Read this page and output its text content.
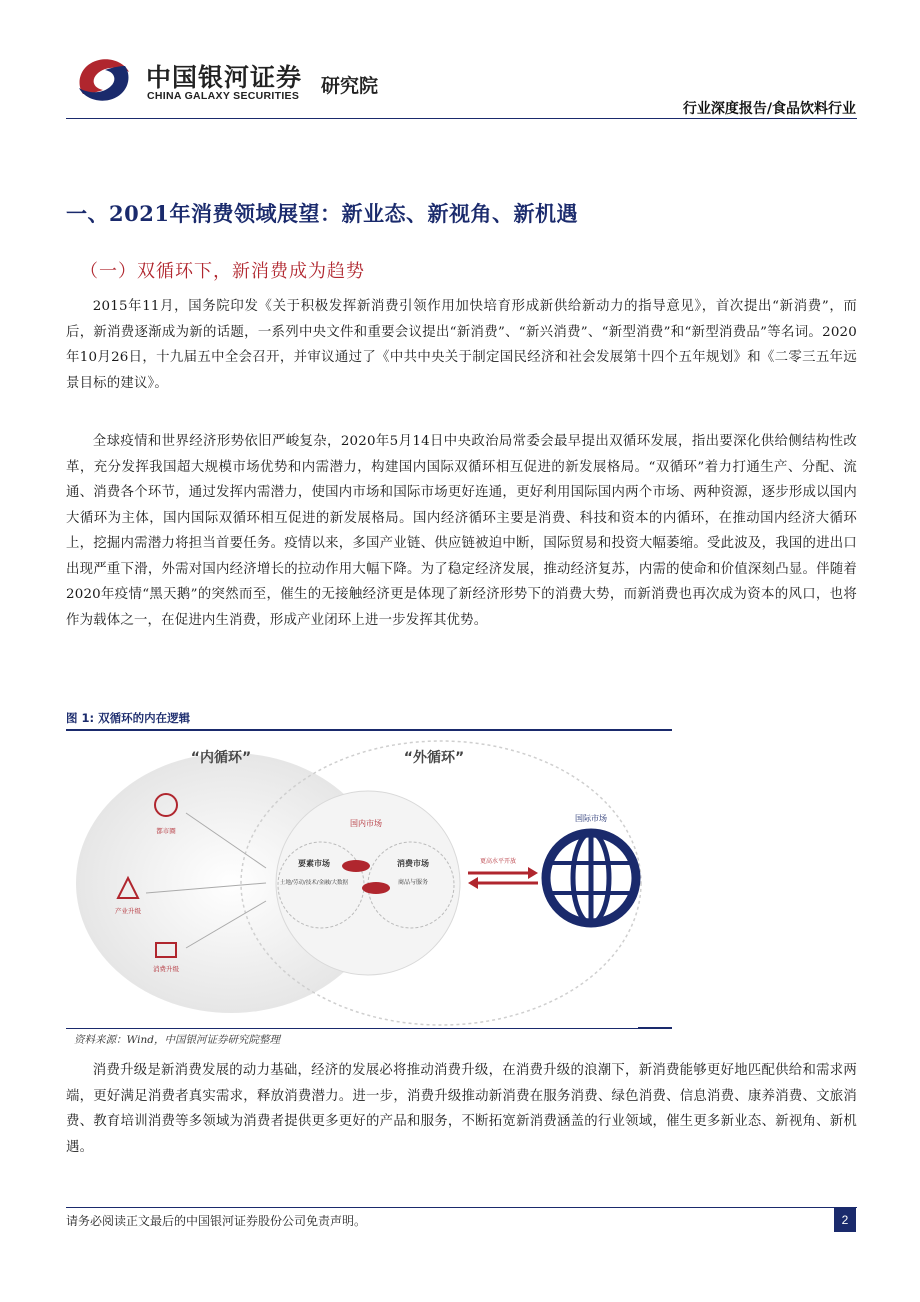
中国银河证券
CHINA GALAXY SECURITIES 研究院
行业深度报告/食品饮料行业
一、2021年消费领域展望：新业态、新视角、新机遇
（一）双循环下，新消费成为趋势
2015年11月，国务院印发《关于积极发挥新消费引领作用加快培育形成新供给新动力的指导意见》，首次提出“新消费”，而后，新消费逐渐成为新的话题，一系列中央文件和重要会议提出“新消费”、“新兴消费”、“新型消费”和“新型消费品”等名词。2020年10月26日，十九届五中全会召开，并审议通过了《中共中央关于制定国民经济和社会发展第十四个五年规划》和《二零三五年远景目标的建议》。
全球疫情和世界经济形势依旧严峻复杂，2020年5月14日中央政治局常委会最早提出双循环发展，指出要深化供给侧结构性改革，充分发挥我国超大规模市场优势和内需潜力，构建国内国际双循环相互促进的新发展格局。“双循环”着力打通生产、分配、流通、消费各个环节，通过发挥内需潜力，使国内市场和国际市场更好连通，更好利用国际国内两个市场、两种资源，逐步形成以国内大循环为主体，国内国际双循环相互促进的新发展格局。国内经济循环主要是消费、科技和资本的内循环，在推动国内经济大循环上，挖掘内需潜力将担当首要任务。疫情以来，多国产业链、供应链被迫中断，国际贸易和投资大幅萎缩。受此波及，我国的进出口出现严重下滑，外需对国内经济增长的拉动作用大幅下降。为了稳定经济发展，推动经济复苏，内需的使命和价值深刻凸显。伴随着2020年疫情“黑天鹅”的突然而至，催生的无接触经济更是体现了新经济形势下的消费大势，而新消费也再次成为资本的风口，也将作为载体之一，在促进内生消费，形成产业闭环上进一步发挥其优势。
图 1: 双循环的内在逻辑
“内循环”	“外循环”
国内市场
要素市场
土地/劳动/技术/金融/大数据
消费市场
商品与服务
都市圈
产业升级
消费升级
更高水平开放
国际市场
资料来源：Wind，中国银河证券研究院整理
消费升级是新消费发展的动力基础，经济的发展必将推动消费升级，在消费升级的浪潮下，新消费能够更好地匹配供给和需求两端，更好满足消费者真实需求，释放消费潜力。进一步，消费升级推动新消费在服务消费、绿色消费、信息消费、康养消费、文旅消费、教育培训消费等多领域为消费者提供更多更好的产品和服务，不断拓宽新消费涵盖的行业领域，催生更多新业态、新视角、新机遇。
请务必阅读正文最后的中国银河证券股份公司免责声明。	2
